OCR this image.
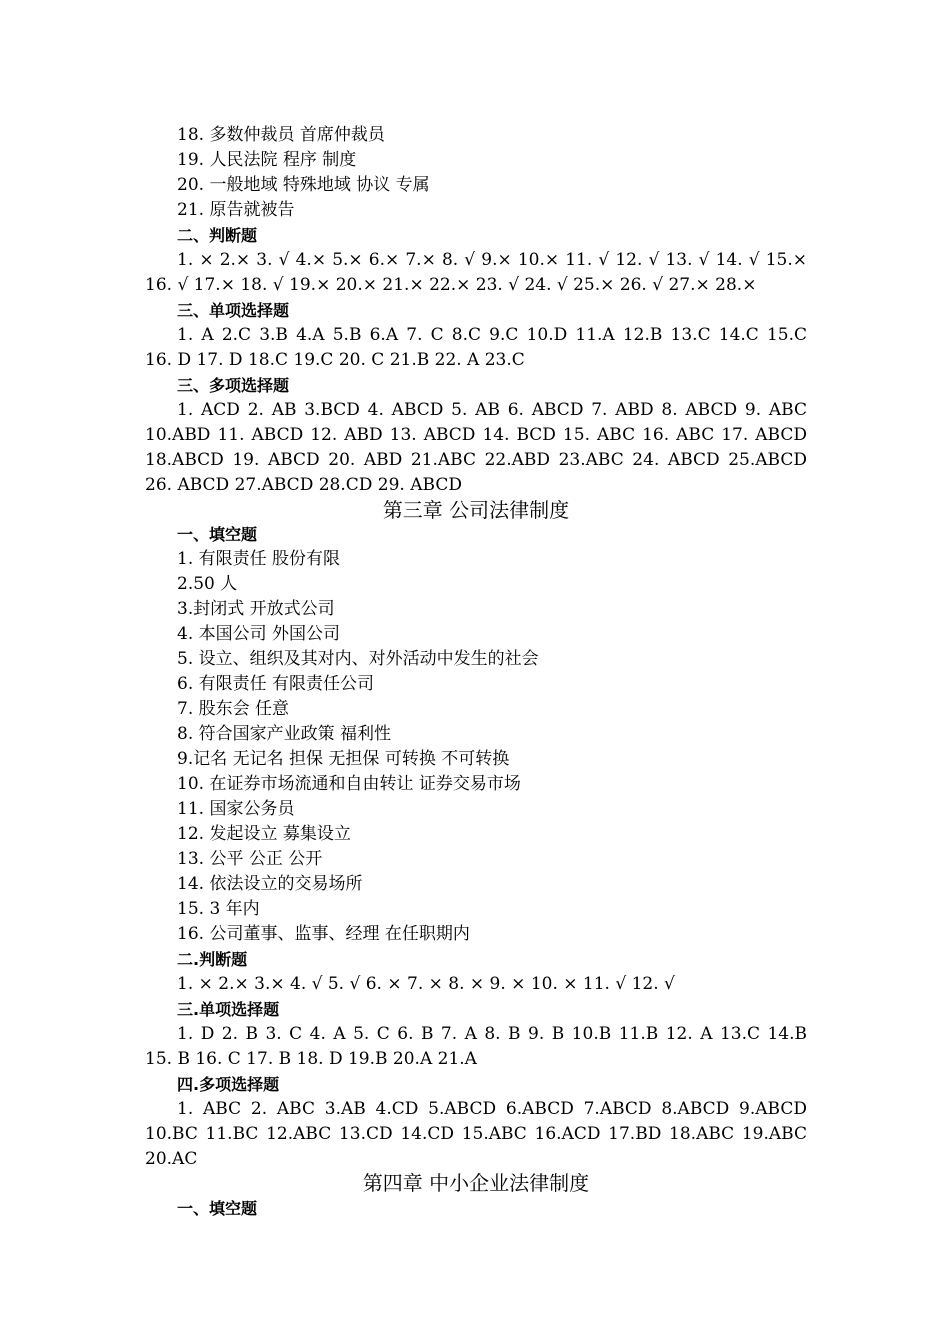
18. 多数仲裁员 首席仲裁员
19. 人民法院 程序 制度
20. 一般地域 特殊地域 协议 专属
21. 原告就被告
二、判断题
1. × 2.× 3. √ 4.× 5.× 6.× 7.× 8. √ 9.× 10.× 11. √ 12. √ 13. √ 14. √ 15.×
16. √ 17.× 18. √ 19.× 20.× 21.× 22.× 23. √ 24. √ 25.× 26. √ 27.× 28.×
三、单项选择题
1. A 2.C 3.B 4.A 5.B 6.A 7. C 8.C 9.C 10.D 11.A 12.B 13.C 14.C 15.C
16. D 17. D 18.C 19.C 20. C 21.B 22. A 23.C
三、多项选择题
1. ACD 2. AB 3.BCD 4. ABCD 5. AB 6. ABCD 7. ABD 8. ABCD 9. ABC
10.ABD 11. ABCD 12. ABD 13. ABCD 14. BCD 15. ABC 16. ABC 17. ABCD
18.ABCD 19. ABCD 20. ABD 21.ABC 22.ABD 23.ABC 24. ABCD 25.ABCD
26. ABCD 27.ABCD 28.CD 29. ABCD
第三章 公司法律制度
一、填空题
1. 有限责任 股份有限
2.50 人
3.封闭式 开放式公司
4. 本国公司 外国公司
5. 设立、组织及其对内、对外活动中发生的社会
6. 有限责任 有限责任公司
7. 股东会 任意
8. 符合国家产业政策 福利性
9.记名 无记名 担保 无担保 可转换 不可转换
10. 在证券市场流通和自由转让 证券交易市场
11. 国家公务员
12. 发起设立 募集设立
13. 公平 公正 公开
14. 依法设立的交易场所
15. 3 年内
16. 公司董事、监事、经理 在任职期内
二.判断题
1. × 2.× 3.× 4. √ 5. √ 6. × 7. × 8. × 9. × 10. × 11. √ 12. √
三.单项选择题
1. D 2. B 3. C 4. A 5. C 6. B 7. A 8. B 9. B 10.B 11.B 12. A 13.C 14.B
15. B 16. C 17. B 18. D 19.B 20.A 21.A
四.多项选择题
1. ABC 2. ABC 3.AB 4.CD 5.ABCD 6.ABCD 7.ABCD 8.ABCD 9.ABCD
10.BC 11.BC 12.ABC 13.CD 14.CD 15.ABC 16.ACD 17.BD 18.ABC 19.ABC
20.AC
第四章 中小企业法律制度
一、填空题
